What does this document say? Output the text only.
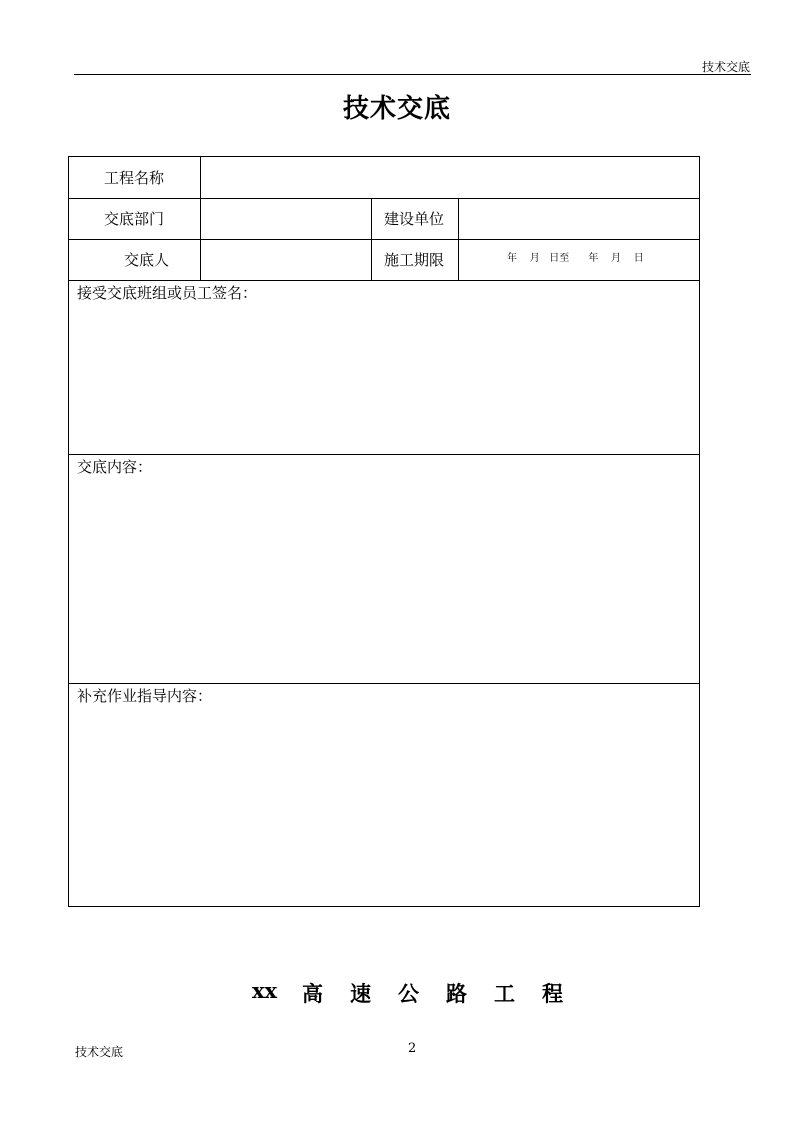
技术交底
技术交底
工程名称
交底部门	建设单位
交底人	施工期限	年    月   日至      年    月    日
接受交底班组或员工签名：
交底内容：
补充作业指导内容：
xx 高 速 公 路 工 程
技术交底	2
